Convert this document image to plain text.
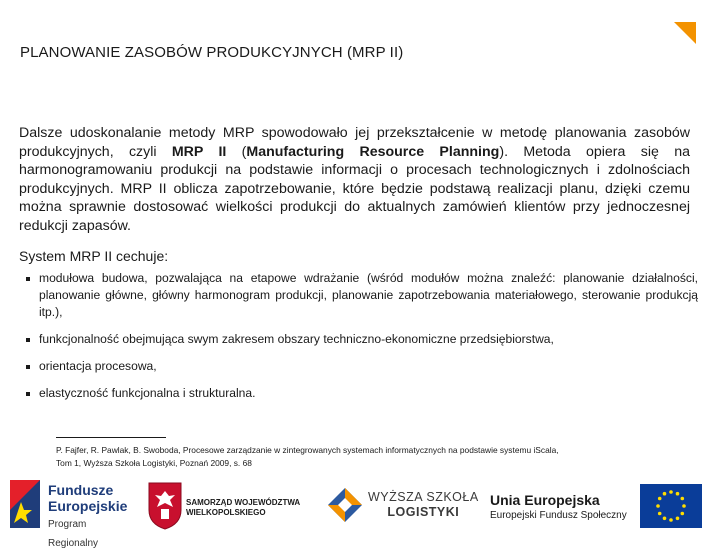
PLANOWANIE ZASOBÓW PRODUKCYJNYCH (MRP II)

Dalsze udoskonalanie metody MRP spowodowało jej przekształcenie w metodę planowania zasobów produkcyjnych, czyli MRP II (Manufacturing Resource Planning). Metoda opiera się na harmonogramowaniu produkcji na podstawie informacji o procesach technologicznych i zdolnościach produkcyjnych. MRP II oblicza zapotrzebowanie, które będzie podstawą realizacji planu, dzięki czemu można sprawnie dostosować wielkości produkcji do aktualnych zamówień klientów przy jednoczesnej redukcji zapasów.

System MRP II cechuje:
modułowa budowa, pozwalająca na etapowe wdrażanie (wśród modułów można znaleźć: planowanie działalności, planowanie główne, główny harmonogram produkcji, planowanie zapotrzebowania materiałowego, sterowanie produkcją itp.),
funkcjonalność obejmująca swym zakresem obszary techniczno-ekonomiczne przedsiębiorstwa,
orientacja procesowa,
elastyczność funkcjonalna i strukturalna.
P. Fajfer, R. Pawlak, B. Swoboda, Procesowe zarządzanie w zintegrowanych systemach informatycznych na podstawie systemu iScala,
Tom 1, Wyższa Szkoła Logistyki, Poznań 2009, s. 68
Fundusze
Europejskie
Program Regionalny
SAMORZĄD WOJEWÓDZTWA
WIELKOPOLSKIEGO
WYŻSZA SZKOŁA
LOGISTYKI
Unia Europejska
Europejski Fundusz Społeczny
